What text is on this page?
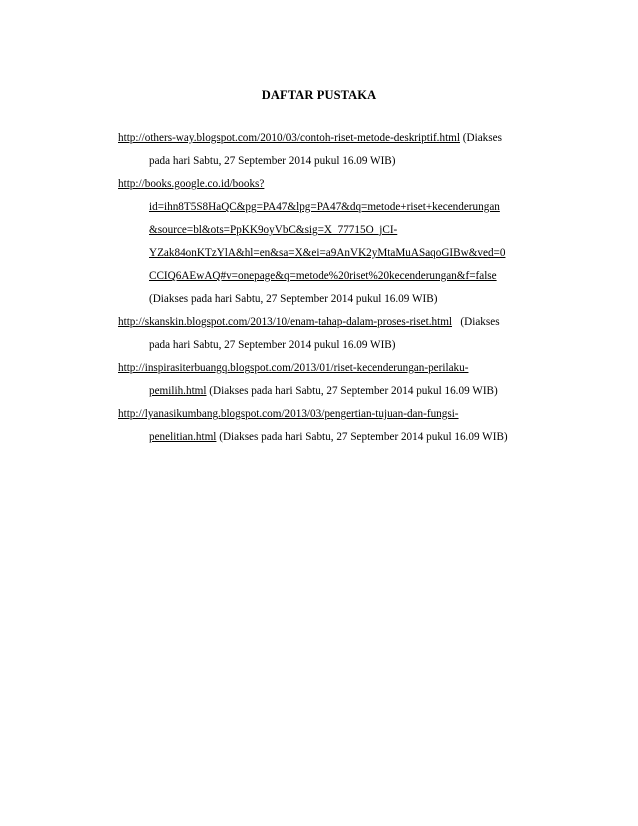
DAFTAR PUSTAKA
http://others-way.blogspot.com/2010/03/contoh-riset-metode-deskriptif.html (Diakses
pada hari Sabtu, 27 September 2014 pukul 16.09 WIB)
http://books.google.co.id/books?
id=ihn8T5S8HaQC&pg=PA47&lpg=PA47&dq=metode+riset+kecenderungan
&source=bl&ots=PpKK9oyVbC&sig=X_77715O_jCI-
YZak84onKTzYlA&hl=en&sa=X&ei=a9AnVK2yMtaMuASaqoGIBw&ved=0
CCIQ6AEwAQ#v=onepage&q=metode%20riset%20kecenderungan&f=false
(Diakses pada hari Sabtu, 27 September 2014 pukul 16.09 WIB)
http://skanskin.blogspot.com/2013/10/enam-tahap-dalam-proses-riset.html   (Diakses
pada hari Sabtu, 27 September 2014 pukul 16.09 WIB)
http://inspirasiterbuangq.blogspot.com/2013/01/riset-kecenderungan-perilaku-
pemilih.html (Diakses pada hari Sabtu, 27 September 2014 pukul 16.09 WIB)
http://lyanasikumbang.blogspot.com/2013/03/pengertian-tujuan-dan-fungsi-
penelitian.html (Diakses pada hari Sabtu, 27 September 2014 pukul 16.09 WIB)
